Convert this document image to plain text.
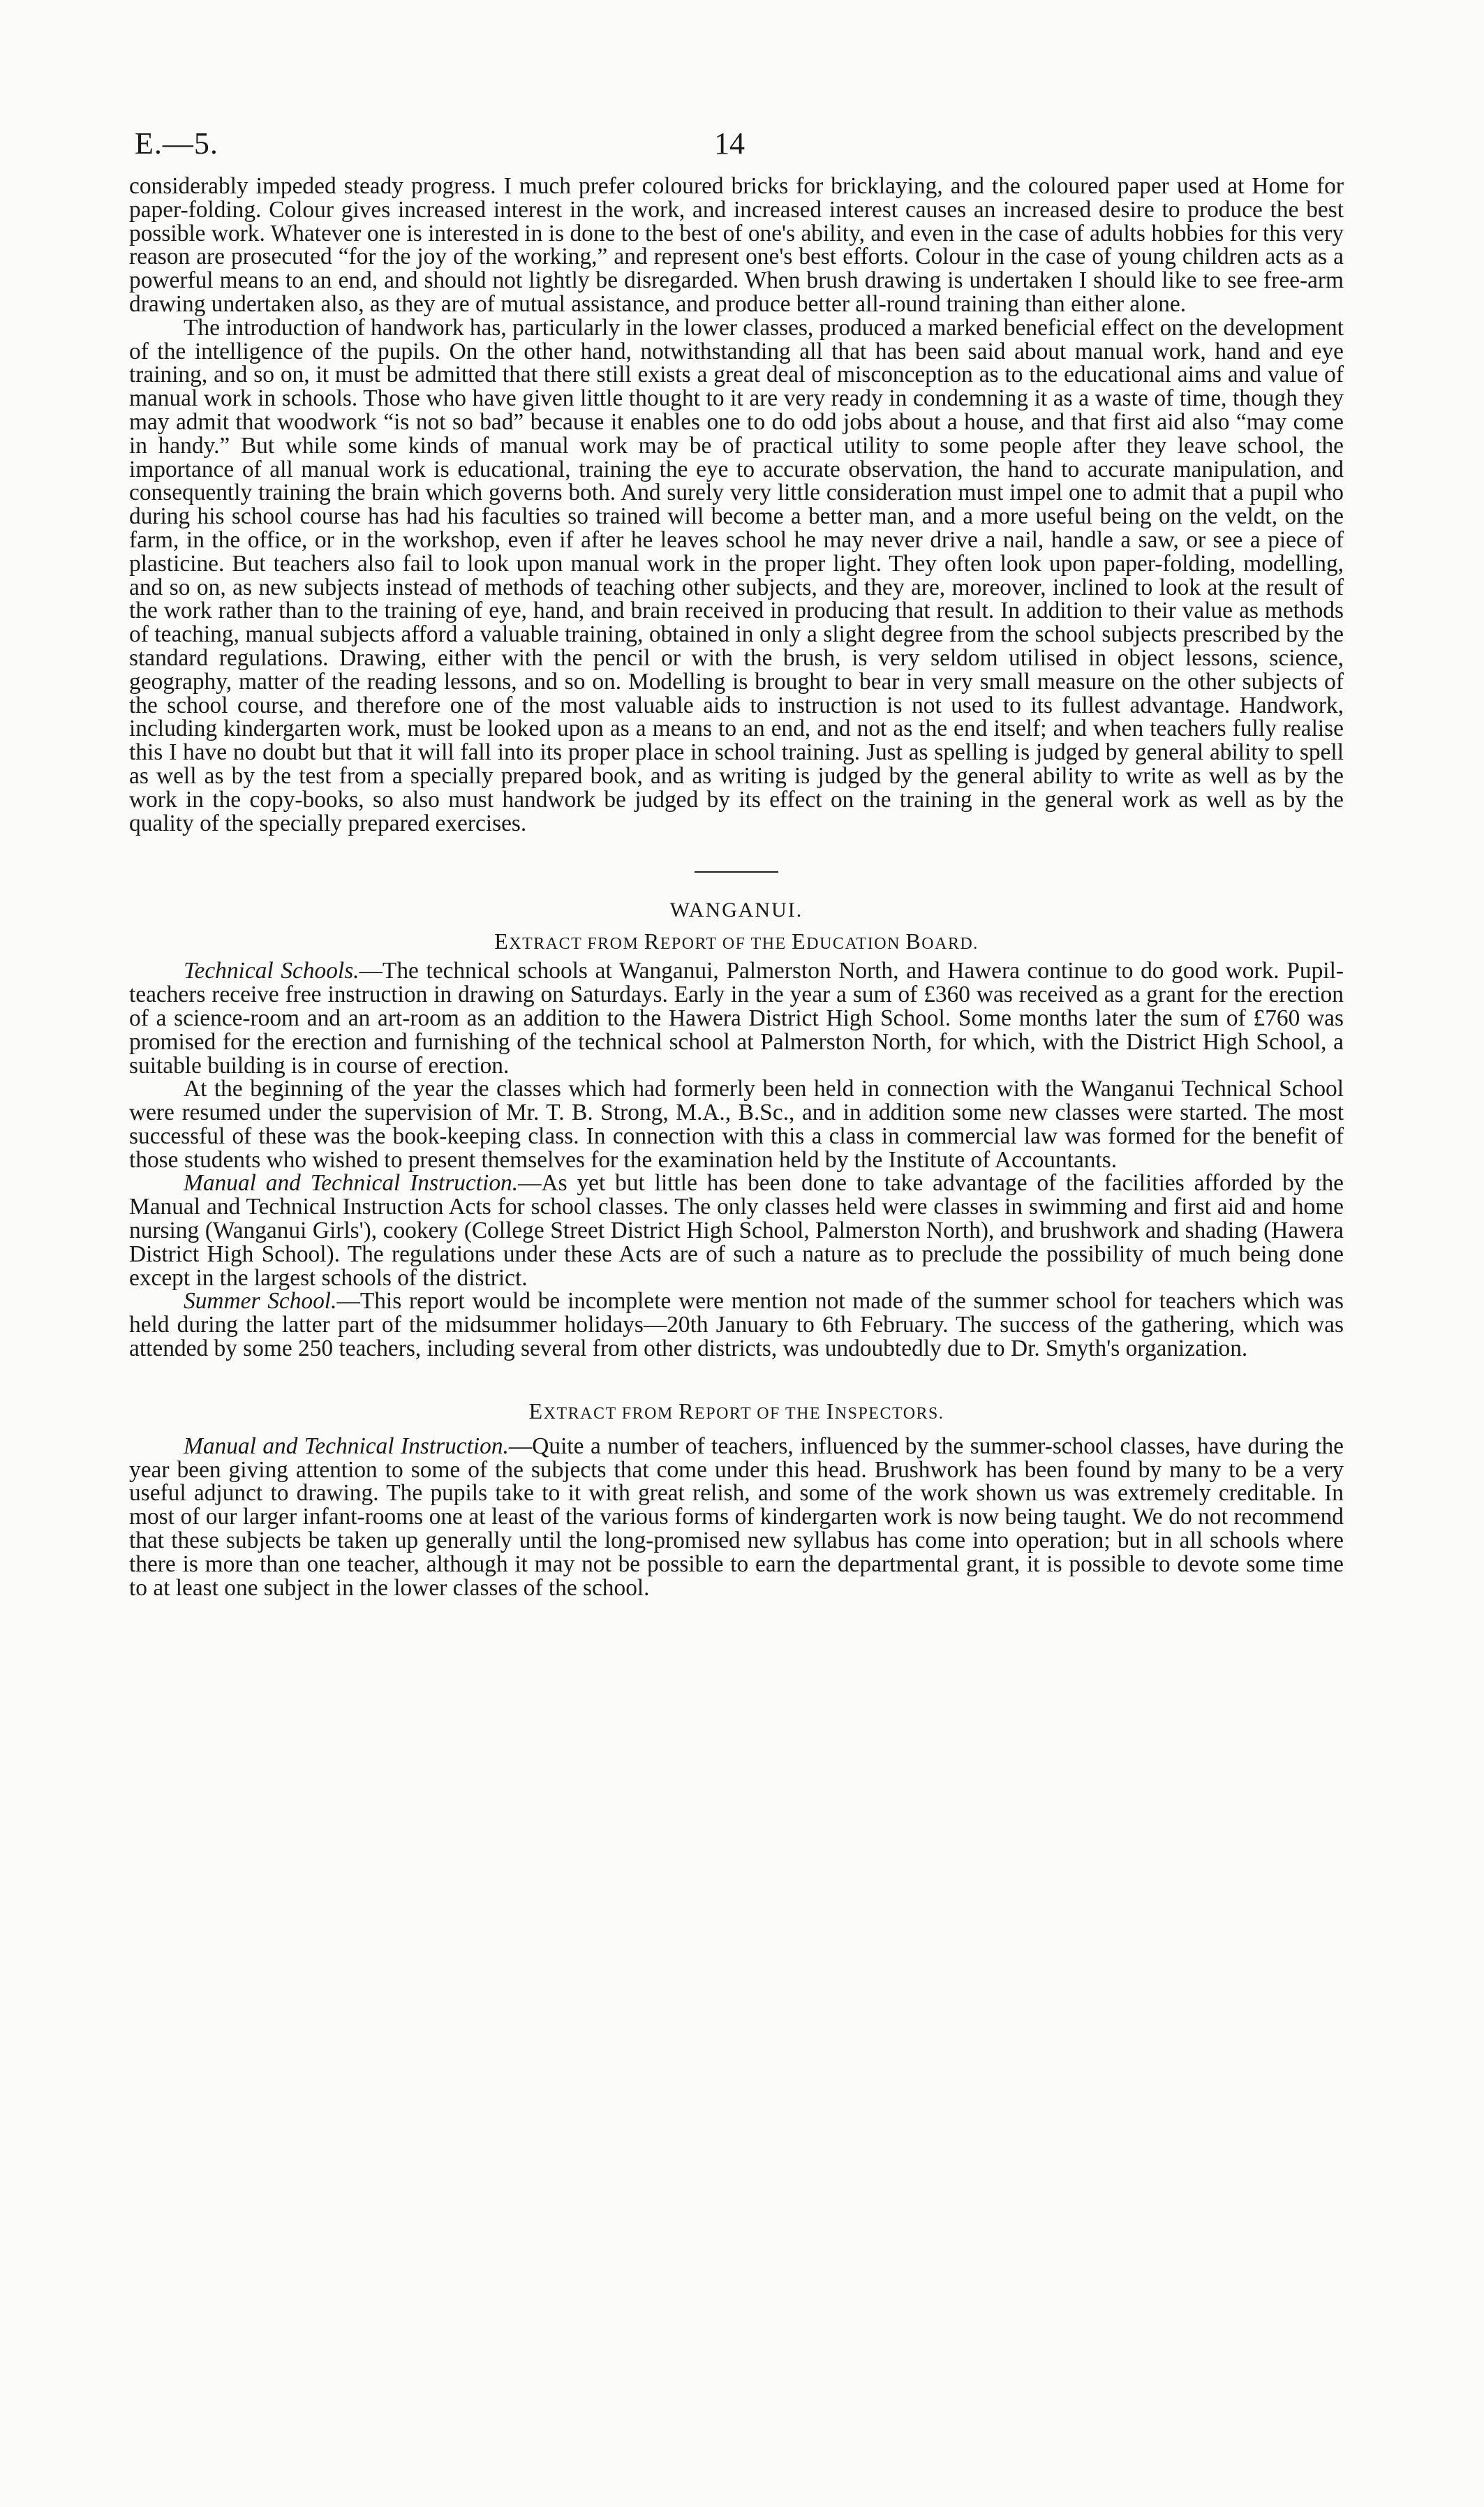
E.—5.	14

considerably impeded steady progress. I much prefer coloured bricks for bricklaying, and the coloured paper used at Home for paper-folding. Colour gives increased interest in the work, and increased interest causes an increased desire to produce the best possible work. Whatever one is interested in is done to the best of one's ability, and even in the case of adults hobbies for this very reason are prosecuted “for the joy of the working,” and represent one's best efforts. Colour in the case of young children acts as a powerful means to an end, and should not lightly be disregarded. When brush drawing is undertaken I should like to see free-arm drawing undertaken also, as they are of mutual assistance, and produce better all-round training than either alone.

The introduction of handwork has, particularly in the lower classes, produced a marked beneficial effect on the development of the intelligence of the pupils. On the other hand, notwithstanding all that has been said about manual work, hand and eye training, and so on, it must be admitted that there still exists a great deal of misconception as to the educational aims and value of manual work in schools. Those who have given little thought to it are very ready in condemning it as a waste of time, though they may admit that woodwork “is not so bad” because it enables one to do odd jobs about a house, and that first aid also “may come in handy.” But while some kinds of manual work may be of practical utility to some people after they leave school, the importance of all manual work is educational, training the eye to accurate observation, the hand to accurate manipulation, and consequently training the brain which governs both. And surely very little consideration must impel one to admit that a pupil who during his school course has had his faculties so trained will become a better man, and a more useful being on the veldt, on the farm, in the office, or in the workshop, even if after he leaves school he may never drive a nail, handle a saw, or see a piece of plasticine. But teachers also fail to look upon manual work in the proper light. They often look upon paper-folding, modelling, and so on, as new subjects instead of methods of teaching other subjects, and they are, moreover, inclined to look at the result of the work rather than to the training of eye, hand, and brain received in producing that result. In addition to their value as methods of teaching, manual subjects afford a valuable training, obtained in only a slight degree from the school subjects prescribed by the standard regulations. Drawing, either with the pencil or with the brush, is very seldom utilised in object lessons, science, geography, matter of the reading lessons, and so on. Modelling is brought to bear in very small measure on the other subjects of the school course, and therefore one of the most valuable aids to instruction is not used to its fullest advantage. Handwork, including kindergarten work, must be looked upon as a means to an end, and not as the end itself; and when teachers fully realise this I have no doubt but that it will fall into its proper place in school training. Just as spelling is judged by general ability to spell as well as by the test from a specially prepared book, and as writing is judged by the general ability to write as well as by the work in the copy-books, so also must handwork be judged by its effect on the training in the general work as well as by the quality of the specially prepared exercises.

WANGANUI.
EXTRACT FROM REPORT OF THE EDUCATION BOARD.

Technical Schools.—The technical schools at Wanganui, Palmerston North, and Hawera continue to do good work. Pupil-teachers receive free instruction in drawing on Saturdays. Early in the year a sum of £360 was received as a grant for the erection of a science-room and an art-room as an addition to the Hawera District High School. Some months later the sum of £760 was promised for the erection and furnishing of the technical school at Palmerston North, for which, with the District High School, a suitable building is in course of erection.

At the beginning of the year the classes which had formerly been held in connection with the Wanganui Technical School were resumed under the supervision of Mr. T. B. Strong, M.A., B.Sc., and in addition some new classes were started. The most successful of these was the book-keeping class. In connection with this a class in commercial law was formed for the benefit of those students who wished to present themselves for the examination held by the Institute of Accountants.

Manual and Technical Instruction.—As yet but little has been done to take advantage of the facilities afforded by the Manual and Technical Instruction Acts for school classes. The only classes held were classes in swimming and first aid and home nursing (Wanganui Girls'), cookery (College Street District High School, Palmerston North), and brushwork and shading (Hawera District High School). The regulations under these Acts are of such a nature as to preclude the possibility of much being done except in the largest schools of the district.

Summer School.—This report would be incomplete were mention not made of the summer school for teachers which was held during the latter part of the midsummer holidays—20th January to 6th February. The success of the gathering, which was attended by some 250 teachers, including several from other districts, was undoubtedly due to Dr. Smyth's organization.

EXTRACT FROM REPORT OF THE INSPECTORS.

Manual and Technical Instruction.—Quite a number of teachers, influenced by the summer-school classes, have during the year been giving attention to some of the subjects that come under this head. Brushwork has been found by many to be a very useful adjunct to drawing. The pupils take to it with great relish, and some of the work shown us was extremely creditable. In most of our larger infant-rooms one at least of the various forms of kindergarten work is now being taught. We do not recommend that these subjects be taken up generally until the long-promised new syllabus has come into operation; but in all schools where there is more than one teacher, although it may not be possible to earn the departmental grant, it is possible to devote some time to at least one subject in the lower classes of the school.
